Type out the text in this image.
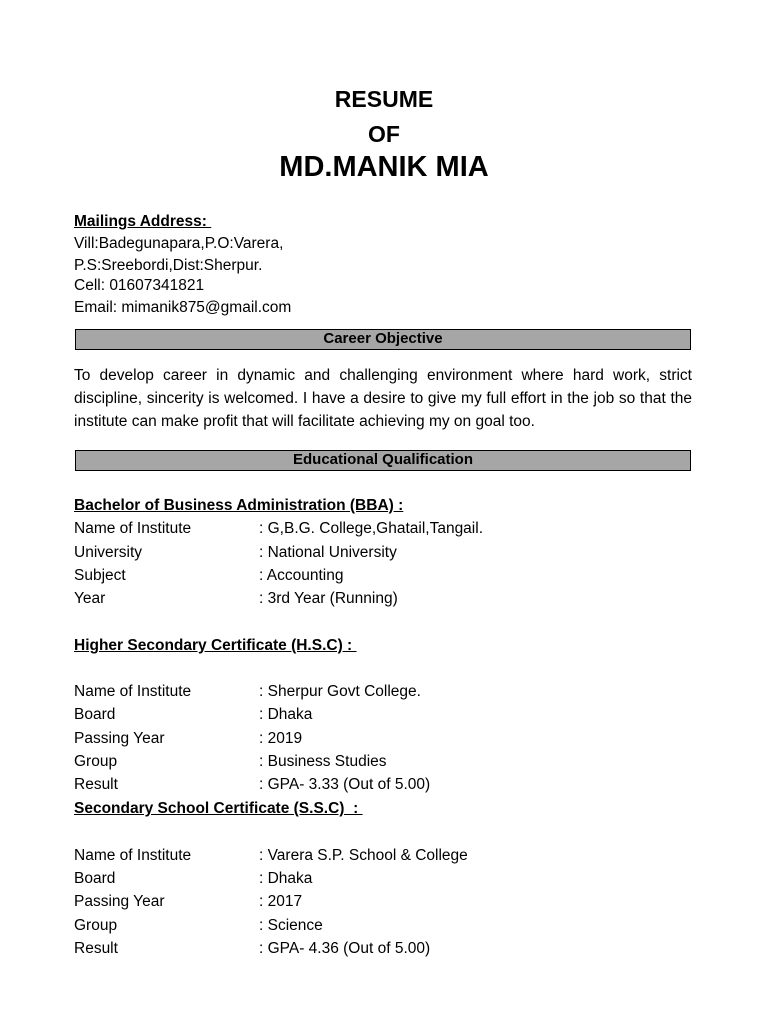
RESUME
OF
MD.MANIK MIA
Mailings Address:
Vill:Badegunapara,P.O:Varera,
P.S:Sreebordi,Dist:Sherpur.
Cell: 01607341821
Email: mimanik875@gmail.com
Career Objective
To develop career in dynamic and challenging environment where hard work, strict discipline, sincerity is welcomed. I have a desire to give my full effort in the job so that the institute can make profit that will facilitate achieving my on goal too.
Educational Qualification
Bachelor of Business Administration (BBA) :
Name of Institute	: G,B.G. College,Ghatail,Tangail.
University	: National University
Subject	: Accounting
Year	: 3rd Year (Running)
Higher Secondary Certificate (H.S.C) :
Name of Institute	: Sherpur Govt College.
Board	: Dhaka
Passing Year	: 2019
Group	: Business Studies
Result	: GPA- 3.33 (Out of 5.00)
Secondary School Certificate (S.S.C)  :
Name of Institute	: Varera S.P. School & College
Board	: Dhaka
Passing Year	: 2017
Group	: Science
Result	: GPA- 4.36 (Out of 5.00)
